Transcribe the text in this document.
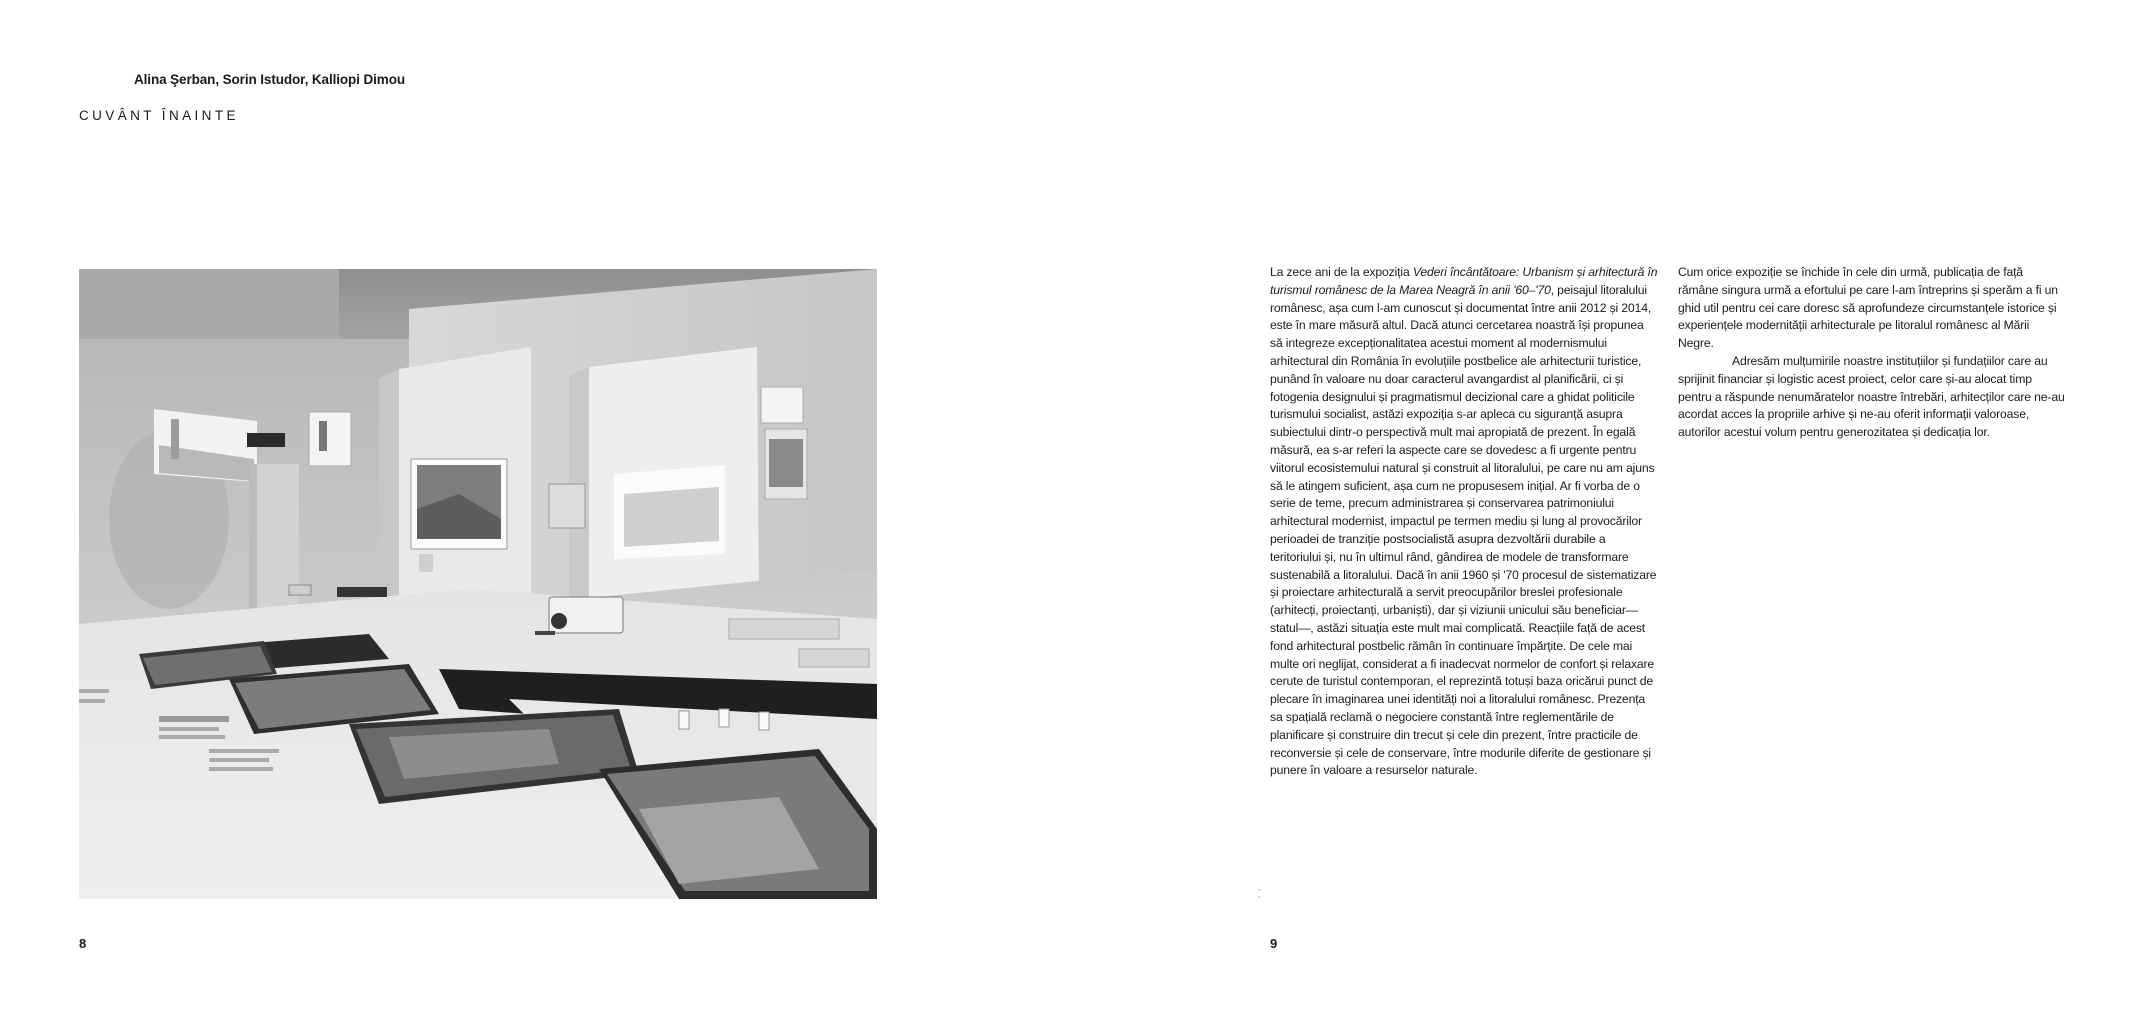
Alina Şerban, Sorin Istudor, Kalliopi Dimou
CUVÂNT ÎNAINTE
8

La zece ani de la expoziția Vederi încântătoare: Urbanism și arhitectură în turismul românesc de la Marea Neagră în anii '60–'70, peisajul litoralului românesc, așa cum l-am cunoscut și documentat între anii 2012 și 2014, este în mare măsură altul. Dacă atunci cercetarea noastră își propunea să integreze excepționalitatea acestui moment al modernismului arhitectural din România în evoluțiile postbelice ale arhitecturii turistice, punând în valoare nu doar caracterul avangardist al planificării, ci și fotogenia designului și pragmatismul decizional care a ghidat politicile turismului socialist, astăzi expoziția s-ar apleca cu siguranță asupra subiectului dintr-o perspectivă mult mai apropiată de prezent. În egală măsură, ea s-ar referi la aspecte care se dovedesc a fi urgente pentru viitorul ecosistemului natural și construit al litoralului, pe care nu am ajuns să le atingem suficient, așa cum ne propusesem inițial. Ar fi vorba de o serie de teme, precum administrarea și conservarea patrimoniului arhitectural modernist, impactul pe termen mediu și lung al provocărilor perioadei de tranziție postsocialistă asupra dezvoltării durabile a teritoriului și, nu în ultimul rând, gândirea de modele de transformare sustenabilă a litoralului. Dacă în anii 1960 și '70 procesul de sistematizare și proiectare arhitecturală a servit preocupărilor breslei profesionale (arhitecți, proiectanți, urbaniști), dar și viziunii unicului său beneficiar—statul—, astăzi situația este mult mai complicată. Reacțiile față de acest fond arhitectural postbelic rămân în continuare împărțite. De cele mai multe ori neglijat, considerat a fi inadecvat normelor de confort și relaxare cerute de turistul contemporan, el reprezintă totuși baza oricărui punct de plecare în imaginarea unei identități noi a litoralului românesc. Prezența sa spațială reclamă o negociere constantă între reglementările de planificare și construire din trecut și cele din prezent, între practicile de reconversie și cele de conservare, între modurile diferite de gestionare și punere în valoare a resurselor naturale.

Cum orice expoziție se închide în cele din urmă, publicația de față rămâne singura urmă a efortului pe care l-am întreprins și sperăm a fi un ghid util pentru cei care doresc să aprofundeze circumstanțele istorice și experiențele modernității arhitecturale pe litoralul românesc al Mării Negre.

Adresăm mulțumirile noastre instituțiilor și fundațiilor care au sprijinit financiar și logistic acest proiect, celor care și-au alocat timp pentru a răspunde nenumăratelor noastre întrebări, arhitecților care ne-au acordat acces la propriile arhive și ne-au oferit informații valoroase, autorilor acestui volum pentru generozitatea și dedicația lor.

◦
◦
9
